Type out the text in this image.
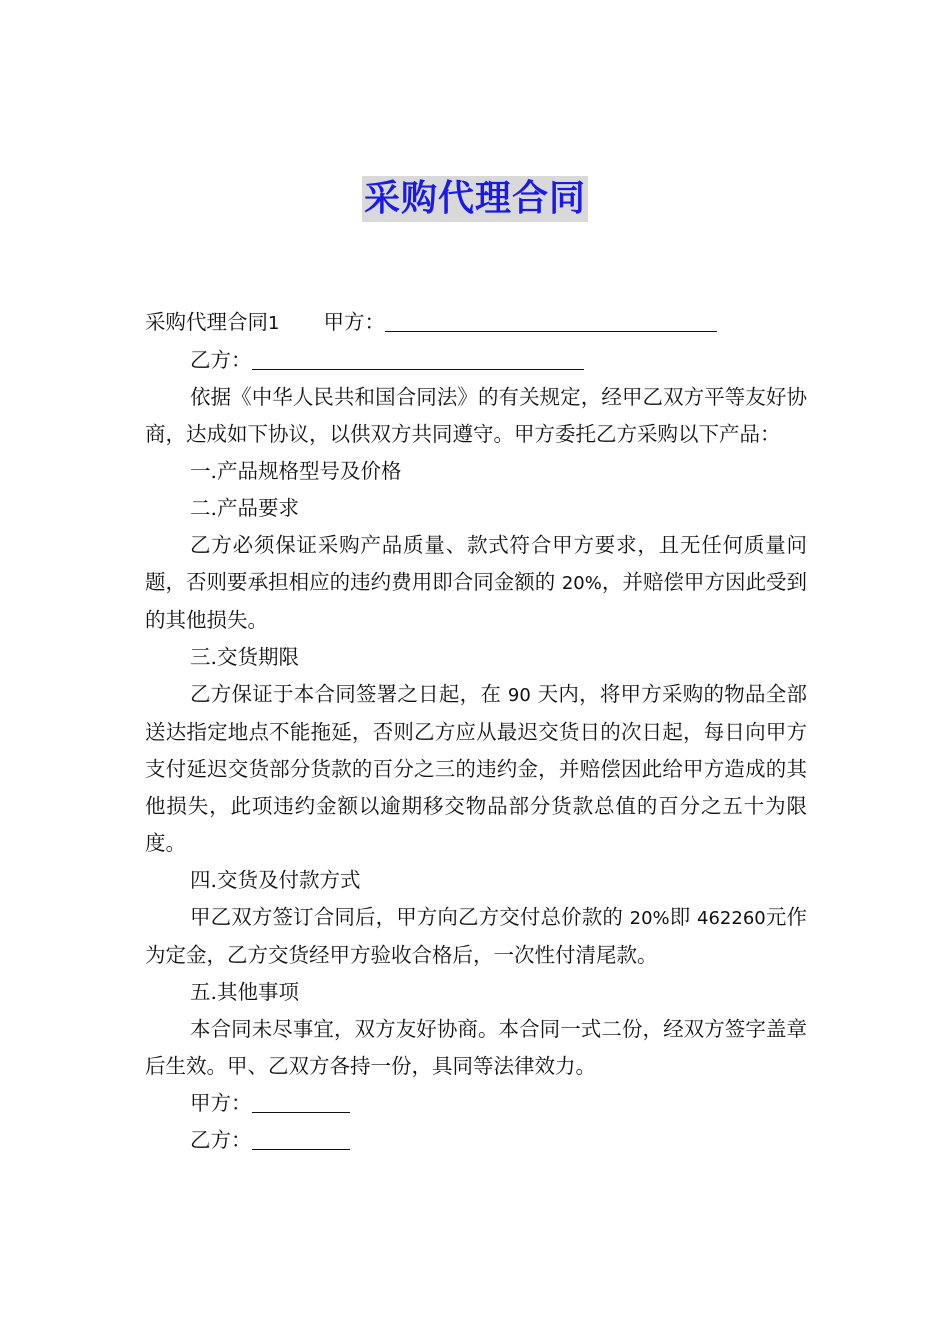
采购代理合同

采购代理合同1 甲方：

乙方：

依据《中华人民共和国合同法》的有关规定，经甲乙双方平等友好协商，达成如下协议，以供双方共同遵守。甲方委托乙方采购以下产品：

一.产品规格型号及价格

二.产品要求

乙方必须保证采购产品质量、款式符合甲方要求，且无任何质量问题，否则要承担相应的违约费用即合同金额的 20%，并赔偿甲方因此受到的其他损失。

三.交货期限

乙方保证于本合同签署之日起，在 90 天内，将甲方采购的物品全部送达指定地点不能拖延，否则乙方应从最迟交货日的次日起，每日向甲方支付延迟交货部分货款的百分之三的违约金，并赔偿因此给甲方造成的其他损失，此项违约金额以逾期移交物品部分货款总值的百分之五十为限度。

四.交货及付款方式

甲乙双方签订合同后，甲方向乙方交付总价款的 20%即 462260元作为定金，乙方交货经甲方验收合格后，一次性付清尾款。

五.其他事项

本合同未尽事宜，双方友好协商。本合同一式二份，经双方签字盖章后生效。甲、乙双方各持一份，具同等法律效力。

甲方：

乙方：
